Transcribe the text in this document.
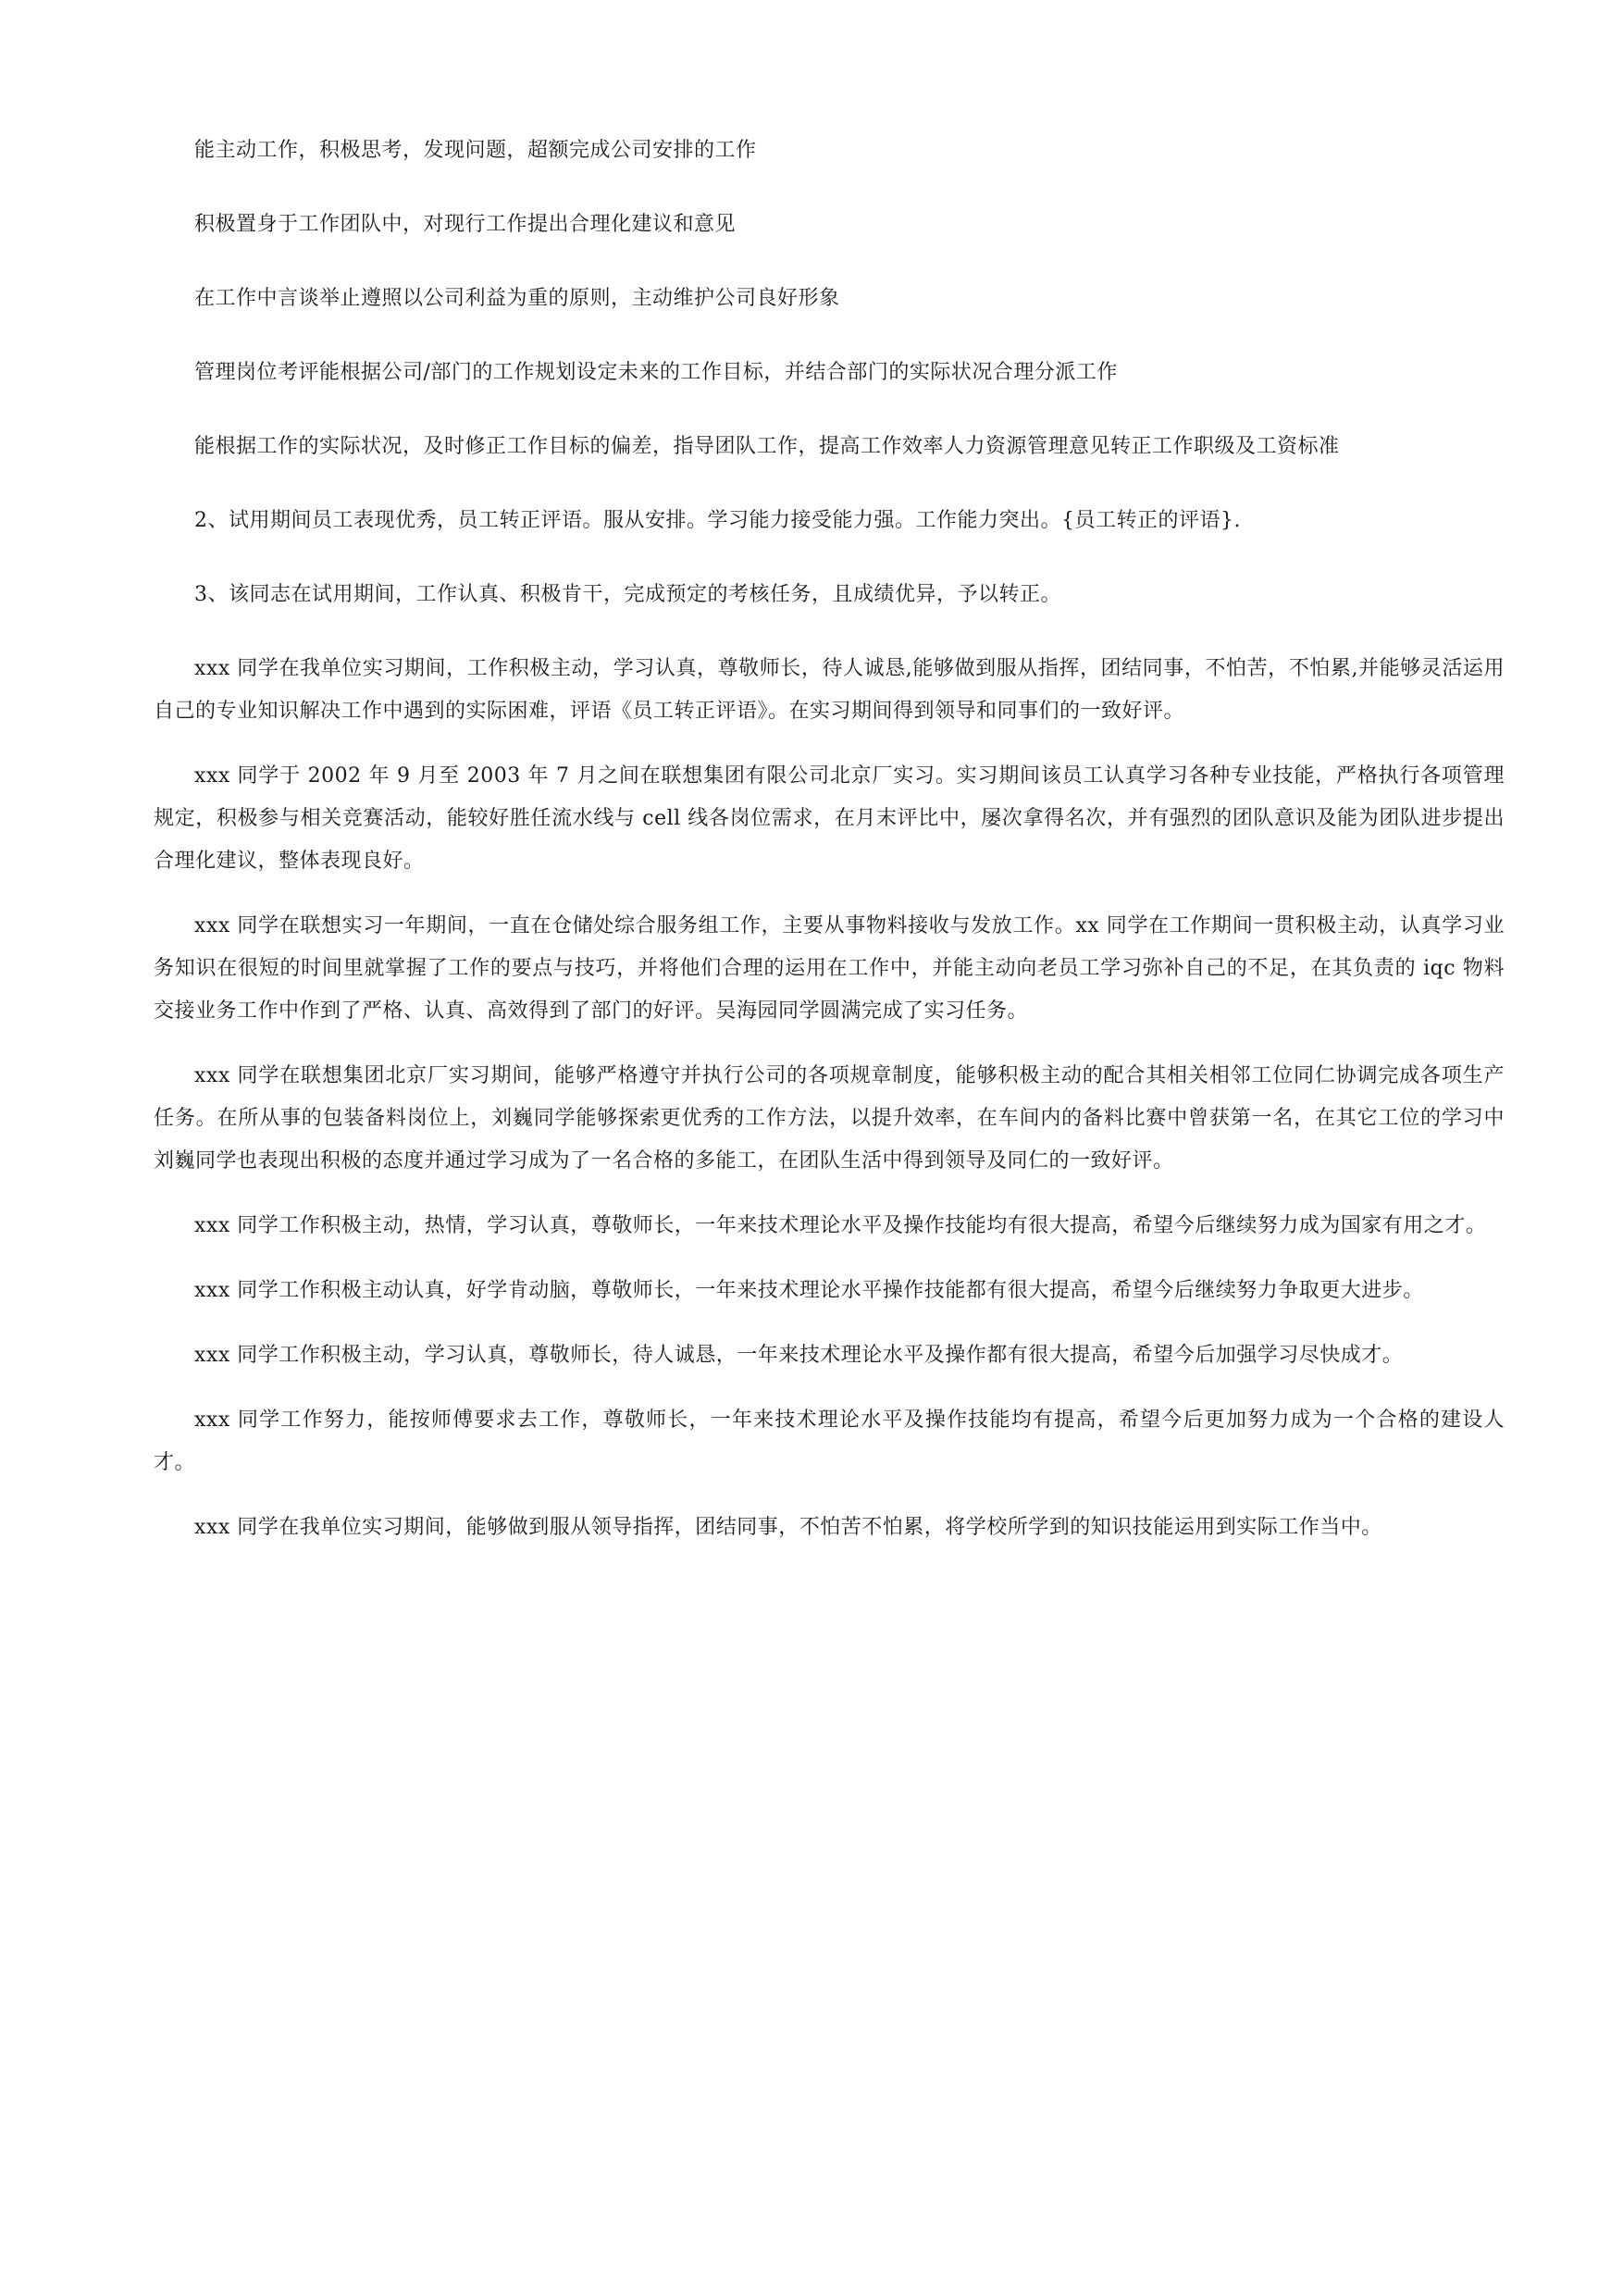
能主动工作，积极思考，发现问题，超额完成公司安排的工作

积极置身于工作团队中，对现行工作提出合理化建议和意见

在工作中言谈举止遵照以公司利益为重的原则，主动维护公司良好形象

管理岗位考评能根据公司/部门的工作规划设定未来的工作目标，并结合部门的实际状况合理分派工作

能根据工作的实际状况，及时修正工作目标的偏差，指导团队工作，提高工作效率人力资源管理意见转正工作职级及工资标准

2、试用期间员工表现优秀，员工转正评语。服从安排。学习能力接受能力强。工作能力突出。{员工转正的评语}.

3、该同志在试用期间，工作认真、积极肯干，完成预定的考核任务，且成绩优异，予以转正。

xxx 同学在我单位实习期间，工作积极主动，学习认真，尊敬师长，待人诚恳,能够做到服从指挥，团结同事，不怕苦，不怕累,并能够灵活运用自己的专业知识解决工作中遇到的实际困难，评语《员工转正评语》。在实习期间得到领导和同事们的一致好评。

xxx 同学于 2002 年 9 月至 2003 年 7 月之间在联想集团有限公司北京厂实习。实习期间该员工认真学习各种专业技能，严格执行各项管理规定，积极参与相关竞赛活动，能较好胜任流水线与 cell 线各岗位需求，在月末评比中，屡次拿得名次，并有强烈的团队意识及能为团队进步提出合理化建议，整体表现良好。

xxx 同学在联想实习一年期间，一直在仓储处综合服务组工作，主要从事物料接收与发放工作。xx 同学在工作期间一贯积极主动，认真学习业务知识在很短的时间里就掌握了工作的要点与技巧，并将他们合理的运用在工作中，并能主动向老员工学习弥补自己的不足，在其负责的 iqc 物料交接业务工作中作到了严格、认真、高效得到了部门的好评。吴海园同学圆满完成了实习任务。

xxx 同学在联想集团北京厂实习期间，能够严格遵守并执行公司的各项规章制度，能够积极主动的配合其相关相邻工位同仁协调完成各项生产任务。在所从事的包装备料岗位上，刘巍同学能够探索更优秀的工作方法，以提升效率，在车间内的备料比赛中曾获第一名，在其它工位的学习中刘巍同学也表现出积极的态度并通过学习成为了一名合格的多能工，在团队生活中得到领导及同仁的一致好评。

xxx 同学工作积极主动，热情，学习认真，尊敬师长，一年来技术理论水平及操作技能均有很大提高，希望今后继续努力成为国家有用之才。

xxx 同学工作积极主动认真，好学肯动脑，尊敬师长，一年来技术理论水平操作技能都有很大提高，希望今后继续努力争取更大进步。

xxx 同学工作积极主动，学习认真，尊敬师长，待人诚恳，一年来技术理论水平及操作都有很大提高，希望今后加强学习尽快成才。

xxx 同学工作努力，能按师傅要求去工作，尊敬师长，一年来技术理论水平及操作技能均有提高，希望今后更加努力成为一个合格的建设人才。

xxx 同学在我单位实习期间，能够做到服从领导指挥，团结同事，不怕苦不怕累，将学校所学到的知识技能运用到实际工作当中。
